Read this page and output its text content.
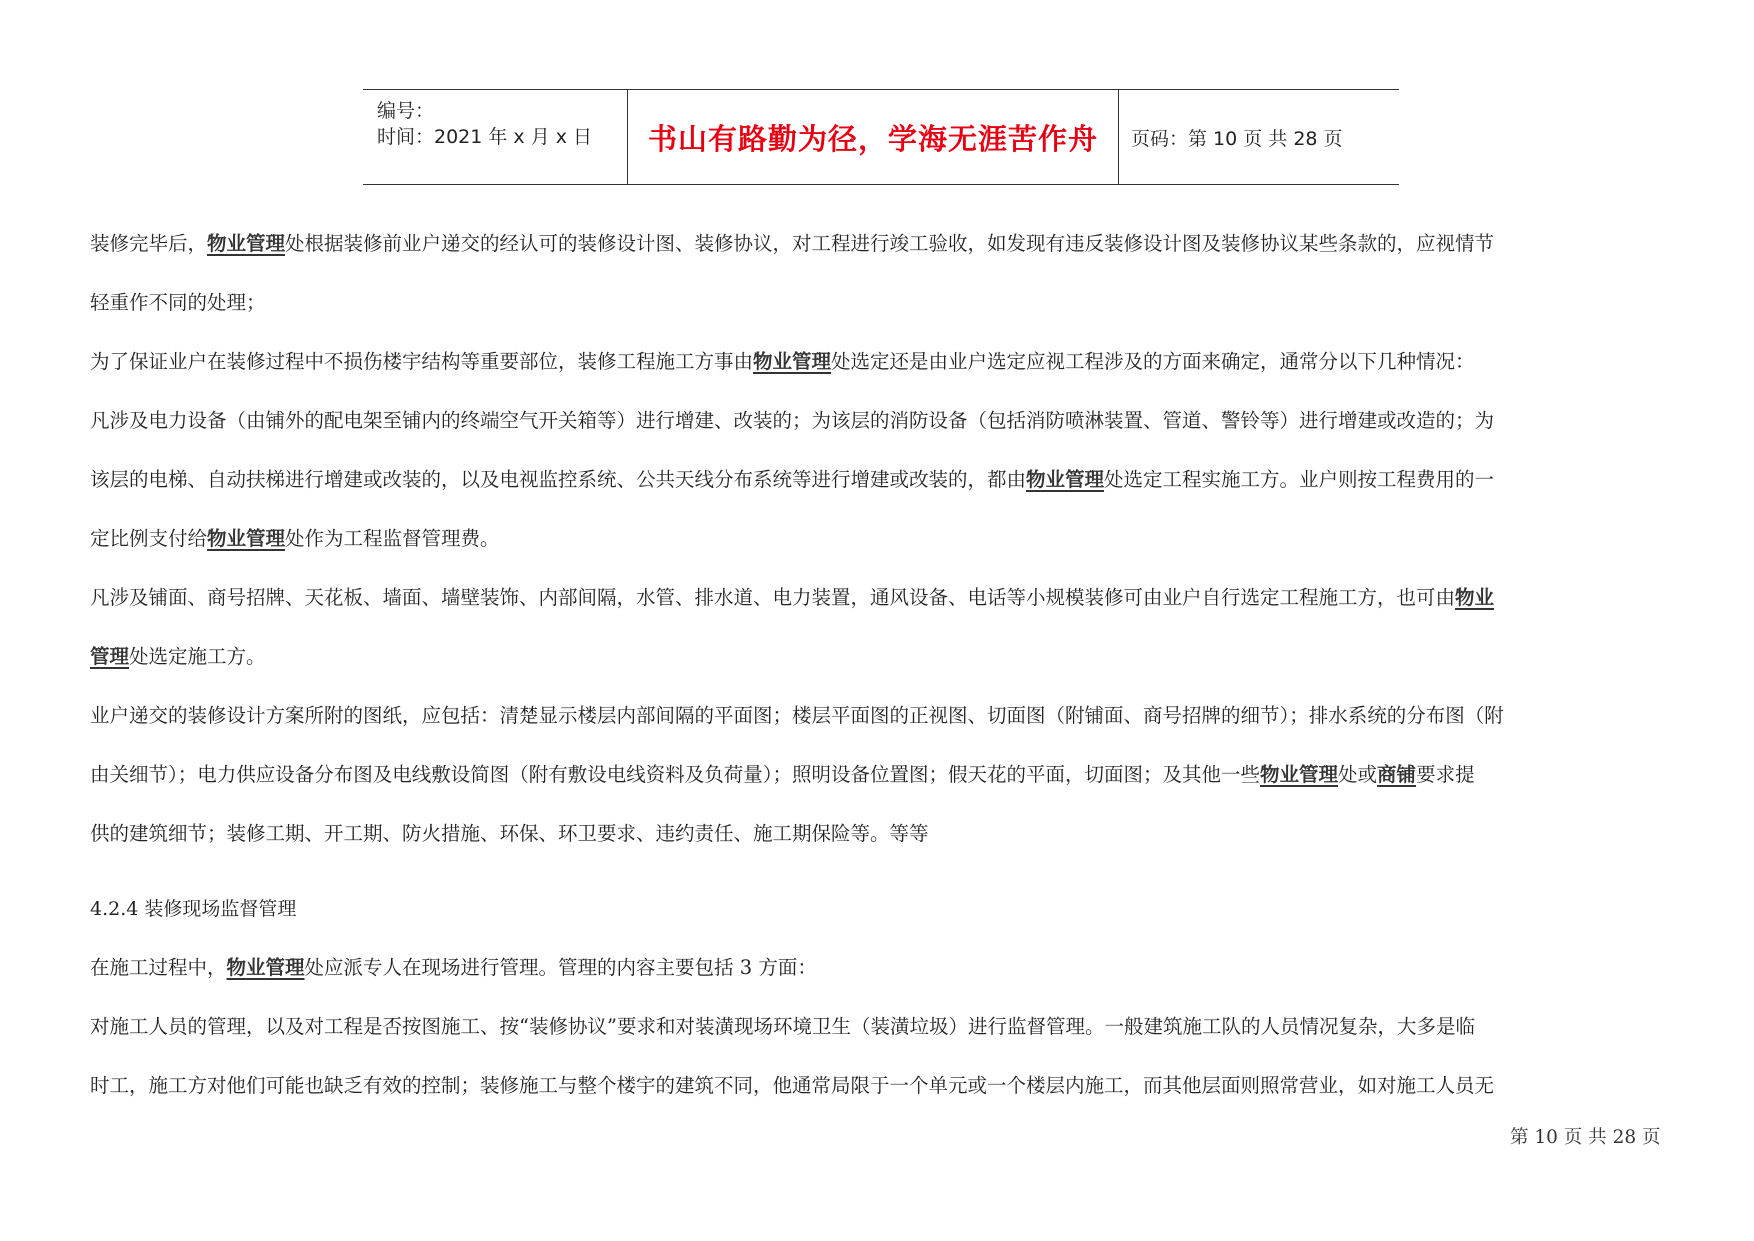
编号：
时间：2021 年 x 月 x 日 书山有路勤为径，学海无涯苦作舟 页码：第 10 页 共 28 页
装修完毕后，物业管理处根据装修前业户递交的经认可的装修设计图、装修协议，对工程进行竣工验收，如发现有违反装修设计图及装修协议某些条款的，应视情节
轻重作不同的处理；
为了保证业户在装修过程中不损伤楼宇结构等重要部位，装修工程施工方事由物业管理处选定还是由业户选定应视工程涉及的方面来确定，通常分以下几种情况：
凡涉及电力设备（由铺外的配电架至铺内的终端空气开关箱等）进行增建、改装的；为该层的消防设备（包括消防喷淋装置、管道、警铃等）进行增建或改造的；为
该层的电梯、自动扶梯进行增建或改装的，以及电视监控系统、公共天线分布系统等进行增建或改装的，都由物业管理处选定工程实施工方。业户则按工程费用的一
定比例支付给物业管理处作为工程监督管理费。
凡涉及铺面、商号招牌、天花板、墙面、墙壁装饰、内部间隔，水管、排水道、电力装置，通风设备、电话等小规模装修可由业户自行选定工程施工方，也可由物业
管理处选定施工方。
业户递交的装修设计方案所附的图纸，应包括：清楚显示楼层内部间隔的平面图；楼层平面图的正视图、切面图（附铺面、商号招牌的细节）；排水系统的分布图（附
由关细节）；电力供应设备分布图及电线敷设简图（附有敷设电线资料及负荷量）；照明设备位置图；假天花的平面，切面图；及其他一些物业管理处或商铺要求提
供的建筑细节；装修工期、开工期、防火措施、环保、环卫要求、违约责任、施工期保险等。等等
4.2.4 装修现场监督管理
在施工过程中，物业管理处应派专人在现场进行管理。管理的内容主要包括 3 方面：
对施工人员的管理，以及对工程是否按图施工、按“装修协议”要求和对装潢现场环境卫生（装潢垃圾）进行监督管理。一般建筑施工队的人员情况复杂，大多是临
时工，施工方对他们可能也缺乏有效的控制；装修施工与整个楼宇的建筑不同，他通常局限于一个单元或一个楼层内施工，而其他层面则照常营业，如对施工人员无
第 10 页 共 28 页
